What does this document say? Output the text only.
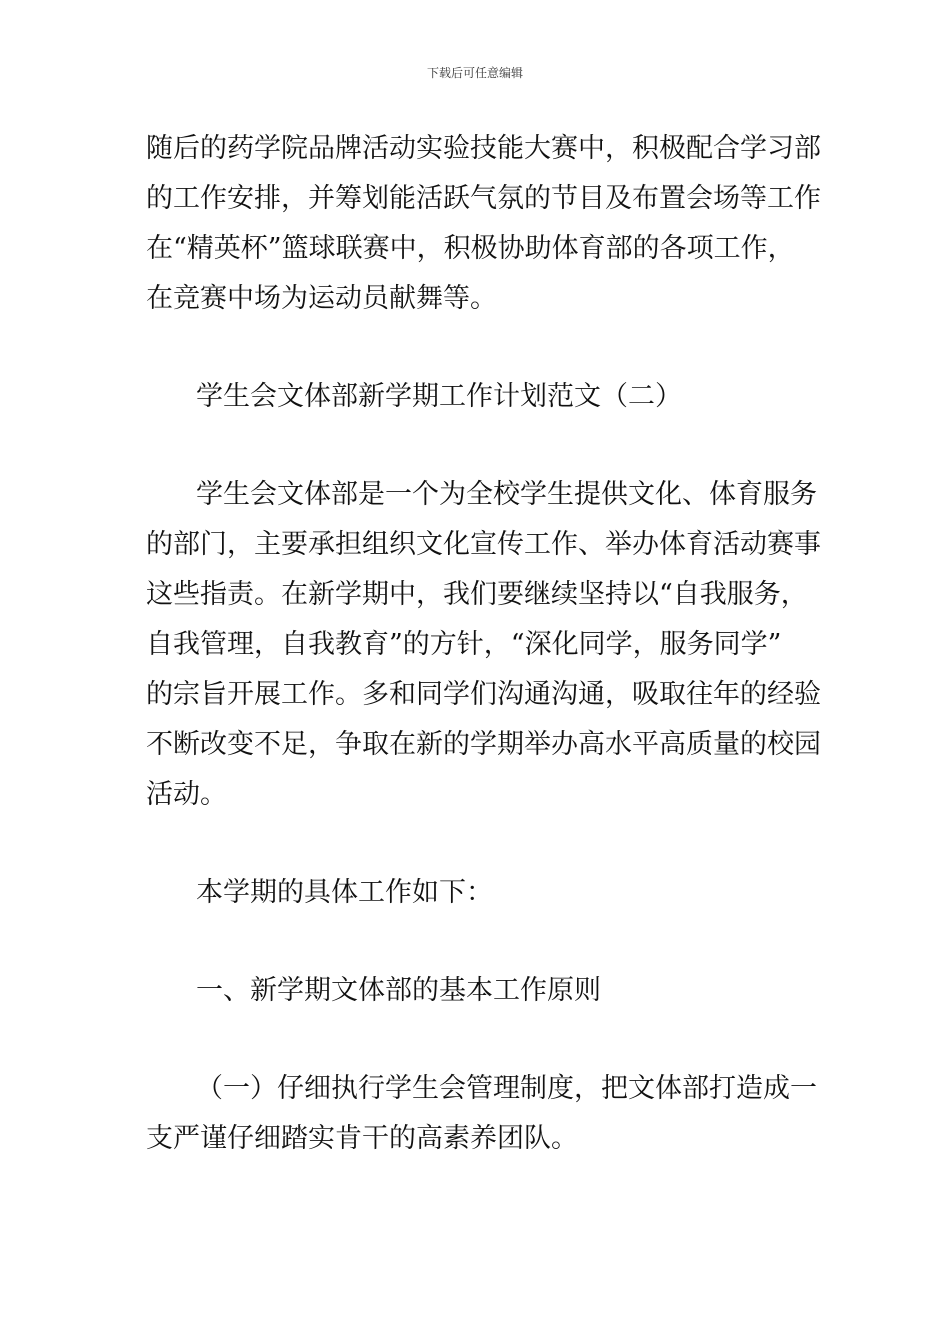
下载后可任意编辑
随后的药学院品牌活动实验技能大赛中，积极配合学习部
的工作安排，并筹划能活跃气氛的节目及布置会场等工作
在“精英杯”篮球联赛中，积极协助体育部的各项工作，
在竞赛中场为运动员献舞等。
学生会文体部新学期工作计划范文（二）
学生会文体部是一个为全校学生提供文化、体育服务
的部门，主要承担组织文化宣传工作、举办体育活动赛事
这些指责。在新学期中，我们要继续坚持以“自我服务，
自我管理，自我教育”的方针，“深化同学，服务同学”
的宗旨开展工作。多和同学们沟通沟通，吸取往年的经验
不断改变不足，争取在新的学期举办高水平高质量的校园
活动。
本学期的具体工作如下：
一、新学期文体部的基本工作原则
（一）仔细执行学生会管理制度，把文体部打造成一
支严谨仔细踏实肯干的高素养团队。
